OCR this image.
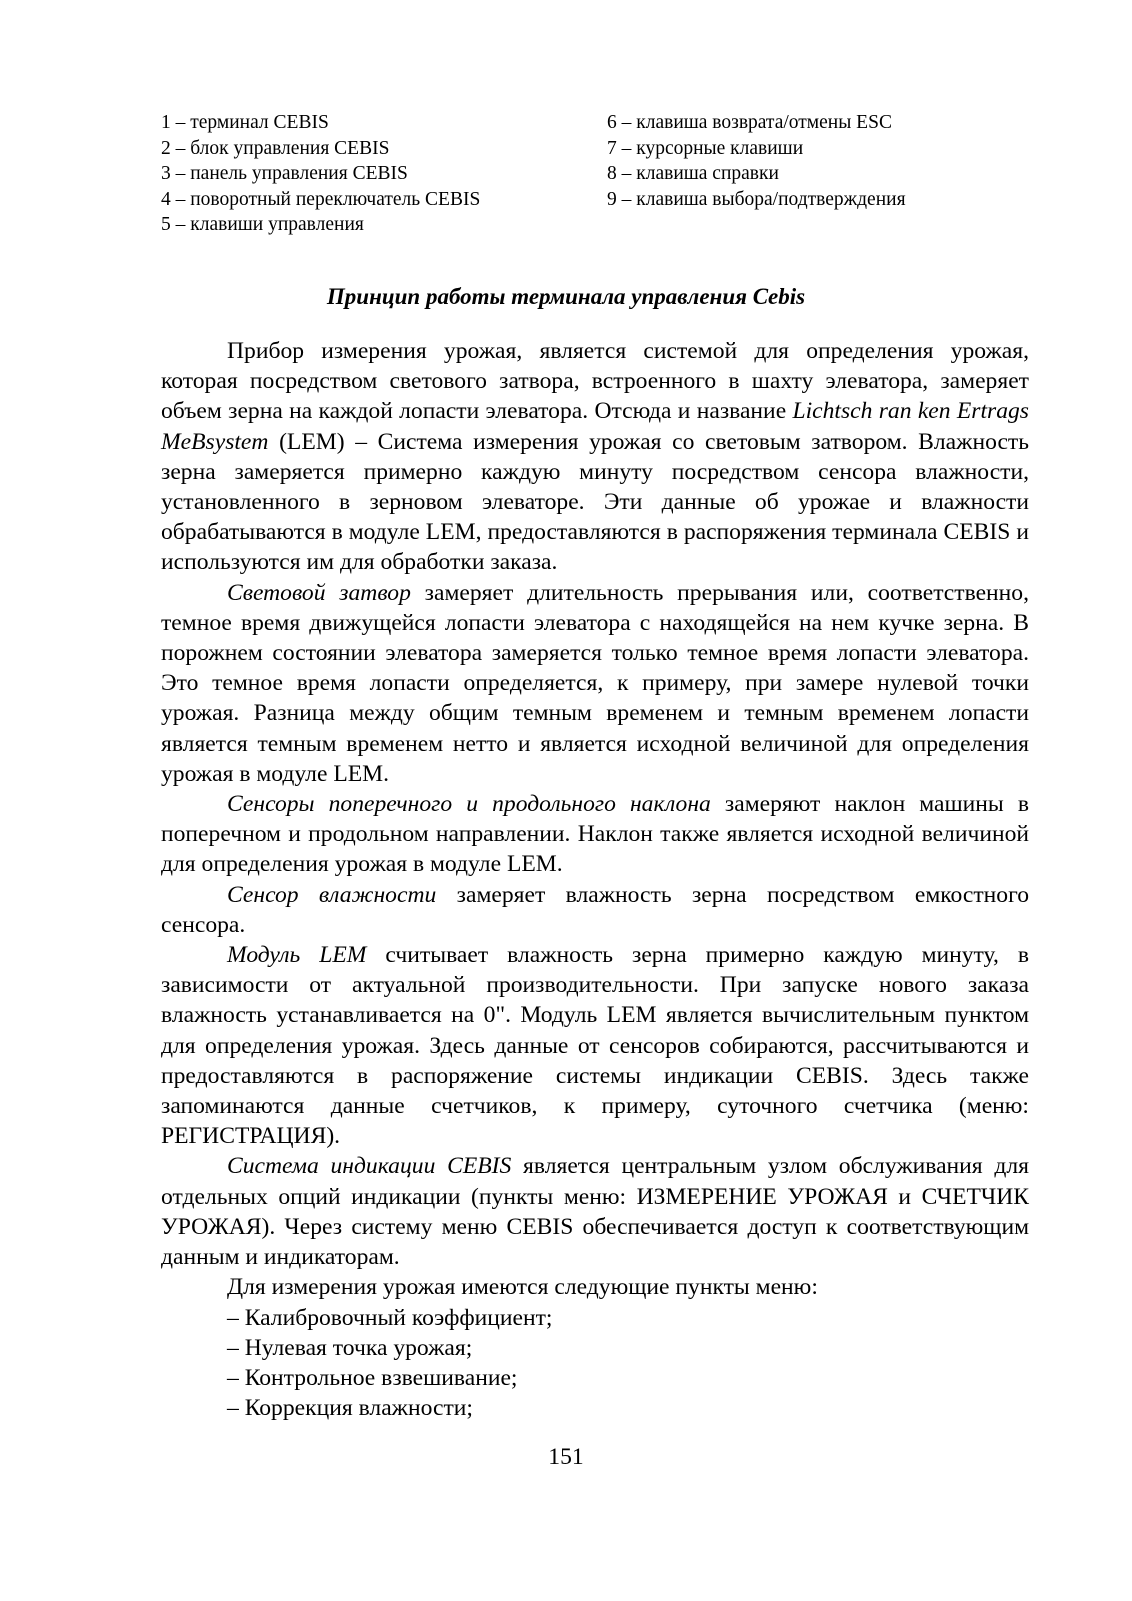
1 – терминал CEBIS
2 – блок управления CEBIS
3 – панель управления CEBIS
4 – поворотный переключатель CEBIS
5 – клавиши управления
6 – клавиша возврата/отмены ESC
7 – курсорные клавиши
8 – клавиша справки
9 – клавиша выбора/подтверждения
Принцип работы терминала управления Cebis

Прибор измерения урожая, является системой для определения урожая, которая посредством светового затвора, встроенного в шахту элеватора, замеряет объем зерна на каждой лопасти элеватора. Отсюда и название Lichtsch ran ken Ertrags MeBsystem (LEM) – Система измерения урожая со световым затвором. Влажность зерна замеряется примерно каждую минуту посредством сенсора влажности, установленного в зерновом элеваторе. Эти данные об урожае и влажности обрабатываются в модуле LEM, предоставляются в распоряжения терминала CEBIS и используются им для обработки заказа.

Световой затвор замеряет длительность прерывания или, соответственно, темное время движущейся лопасти элеватора с находящейся на нем кучке зерна. В порожнем состоянии элеватора замеряется только темное время лопасти элеватора. Это темное время лопасти определяется, к примеру, при замере нулевой точки урожая. Разница между общим темным временем и темным временем лопасти является темным временем нетто и является исходной величиной для определения урожая в модуле LEM.

Сенсоры поперечного и продольного наклона замеряют наклон машины в поперечном и продольном направлении. Наклон также является исходной величиной для определения урожая в модуле LEM.

Сенсор влажности замеряет влажность зерна посредством емкостного сенсора.

Модуль LEM считывает влажность зерна примерно каждую минуту, в зависимости от актуальной производительности. При запуске нового заказа влажность устанавливается на 0". Модуль LEM является вычислительным пунктом для определения урожая. Здесь данные от сенсоров собираются, рассчитываются и предоставляются в распоряжение системы индикации CEBIS. Здесь также запоминаются данные счетчиков, к примеру, суточного счетчика (меню: РЕГИСТРАЦИЯ).

Система индикации CEBIS является центральным узлом обслуживания для отдельных опций индикации (пункты меню: ИЗМЕРЕНИЕ УРОЖАЯ и СЧЕТЧИК УРОЖАЯ). Через систему меню CEBIS обеспечивается доступ к соответствующим данным и индикаторам.

Для измерения урожая имеются следующие пункты меню:

– Калибровочный коэффициент;

– Нулевая точка урожая;

– Контрольное взвешивание;

– Коррекция влажности;

151
